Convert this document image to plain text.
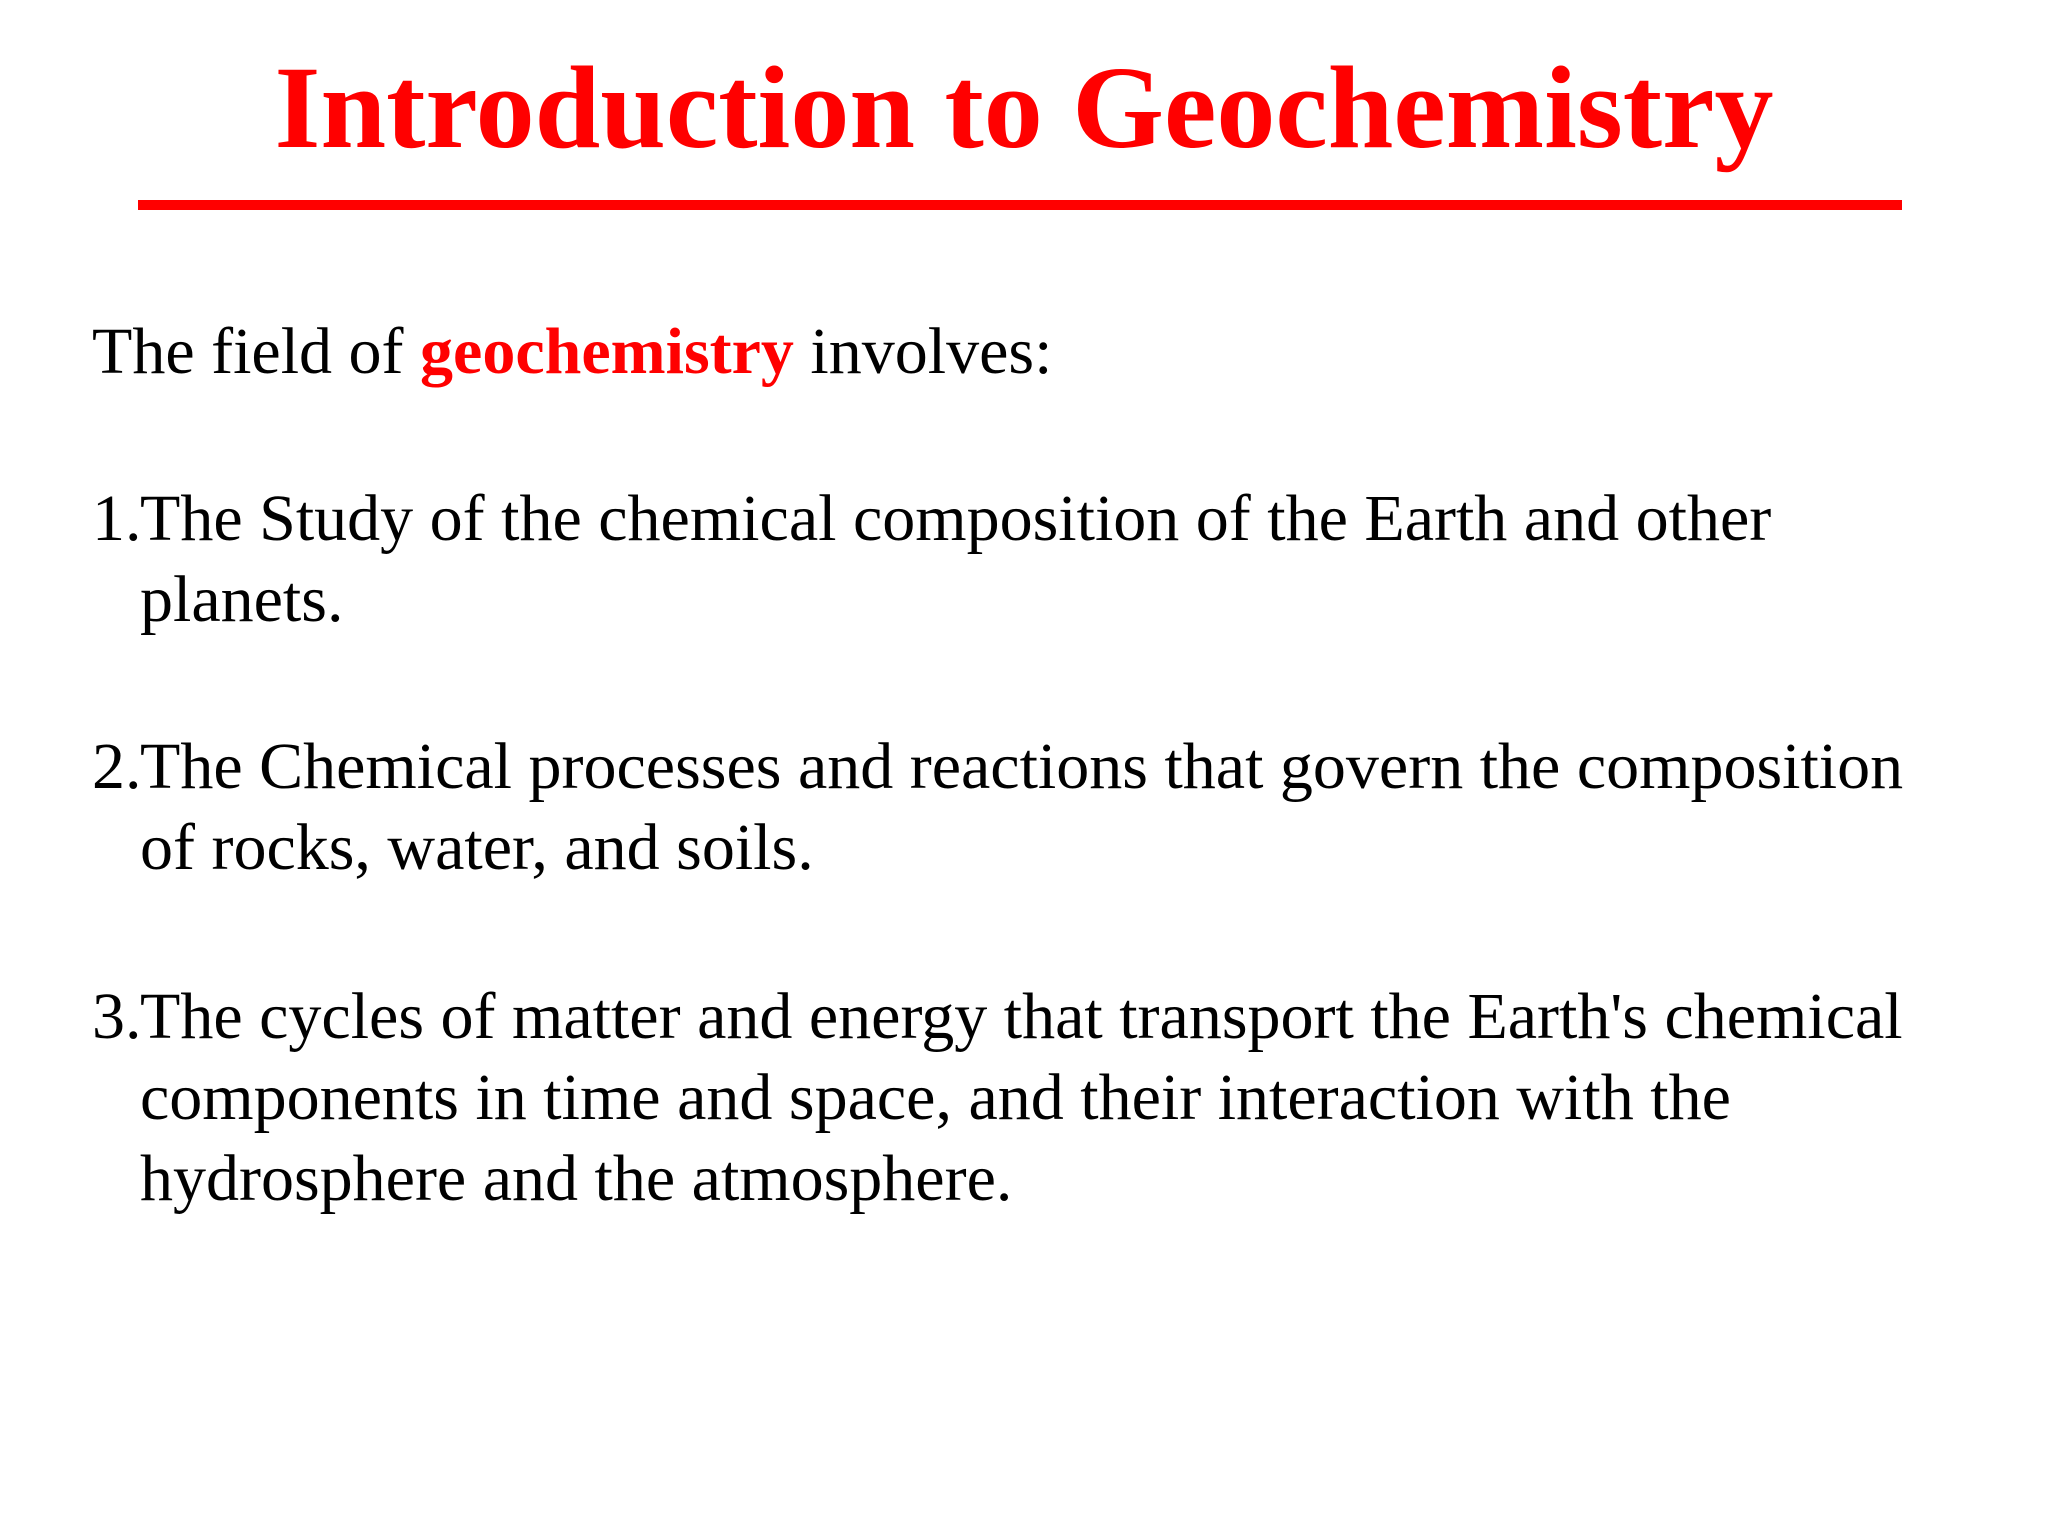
Introduction to Geochemistry

The field of geochemistry involves:

1.
The Study of the chemical composition of the Earth and other planets.
2.
The Chemical processes and reactions that govern the composition of rocks, water, and soils.
3.
The cycles of matter and energy that transport the Earth's chemical components in time and space, and their interaction with the hydrosphere and the atmosphere.
